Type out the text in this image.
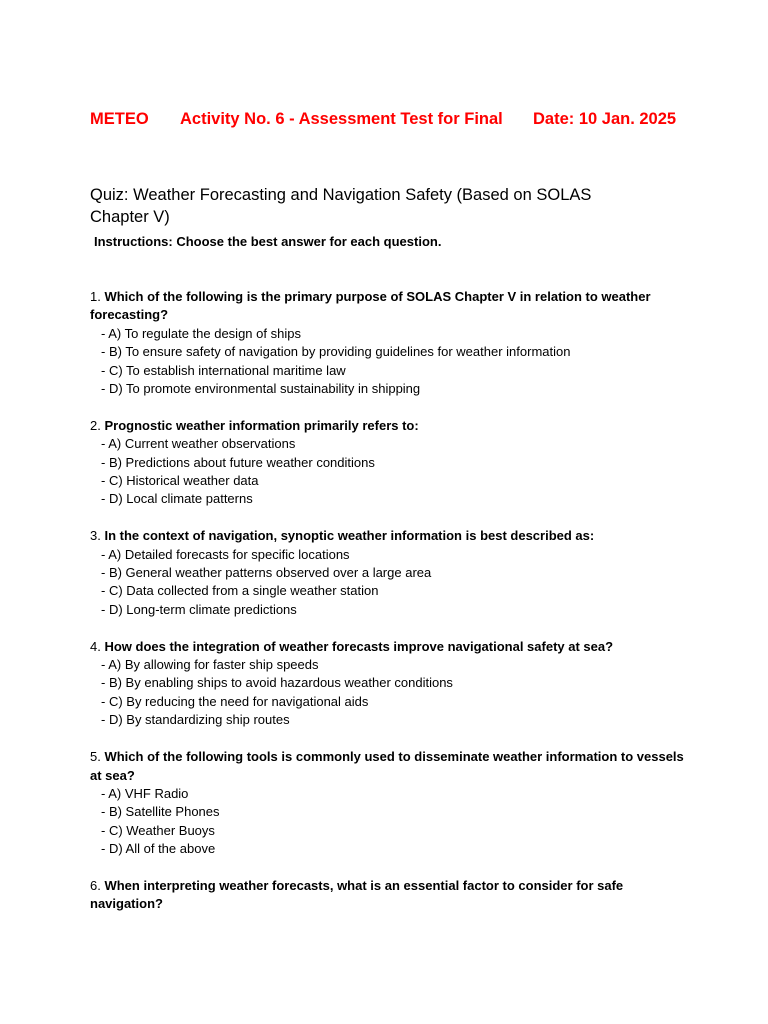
METEO Activity No. 6 - Assessment Test for Final Date: 10 Jan. 2025
Quiz: Weather Forecasting and Navigation Safety (Based on SOLAS Chapter V)
Instructions: Choose the best answer for each question.
1. Which of the following is the primary purpose of SOLAS Chapter V in relation to weather forecasting?
- A) To regulate the design of ships
- B) To ensure safety of navigation by providing guidelines for weather information
- C) To establish international maritime law
- D) To promote environmental sustainability in shipping
2. Prognostic weather information primarily refers to:
- A) Current weather observations
- B) Predictions about future weather conditions
- C) Historical weather data
- D) Local climate patterns
3. In the context of navigation, synoptic weather information is best described as:
- A) Detailed forecasts for specific locations
- B) General weather patterns observed over a large area
- C) Data collected from a single weather station
- D) Long-term climate predictions
4. How does the integration of weather forecasts improve navigational safety at sea?
- A) By allowing for faster ship speeds
- B) By enabling ships to avoid hazardous weather conditions
- C) By reducing the need for navigational aids
- D) By standardizing ship routes
5. Which of the following tools is commonly used to disseminate weather information to vessels at sea?
- A) VHF Radio
- B) Satellite Phones
- C) Weather Buoys
- D) All of the above
6. When interpreting weather forecasts, what is an essential factor to consider for safe navigation?
